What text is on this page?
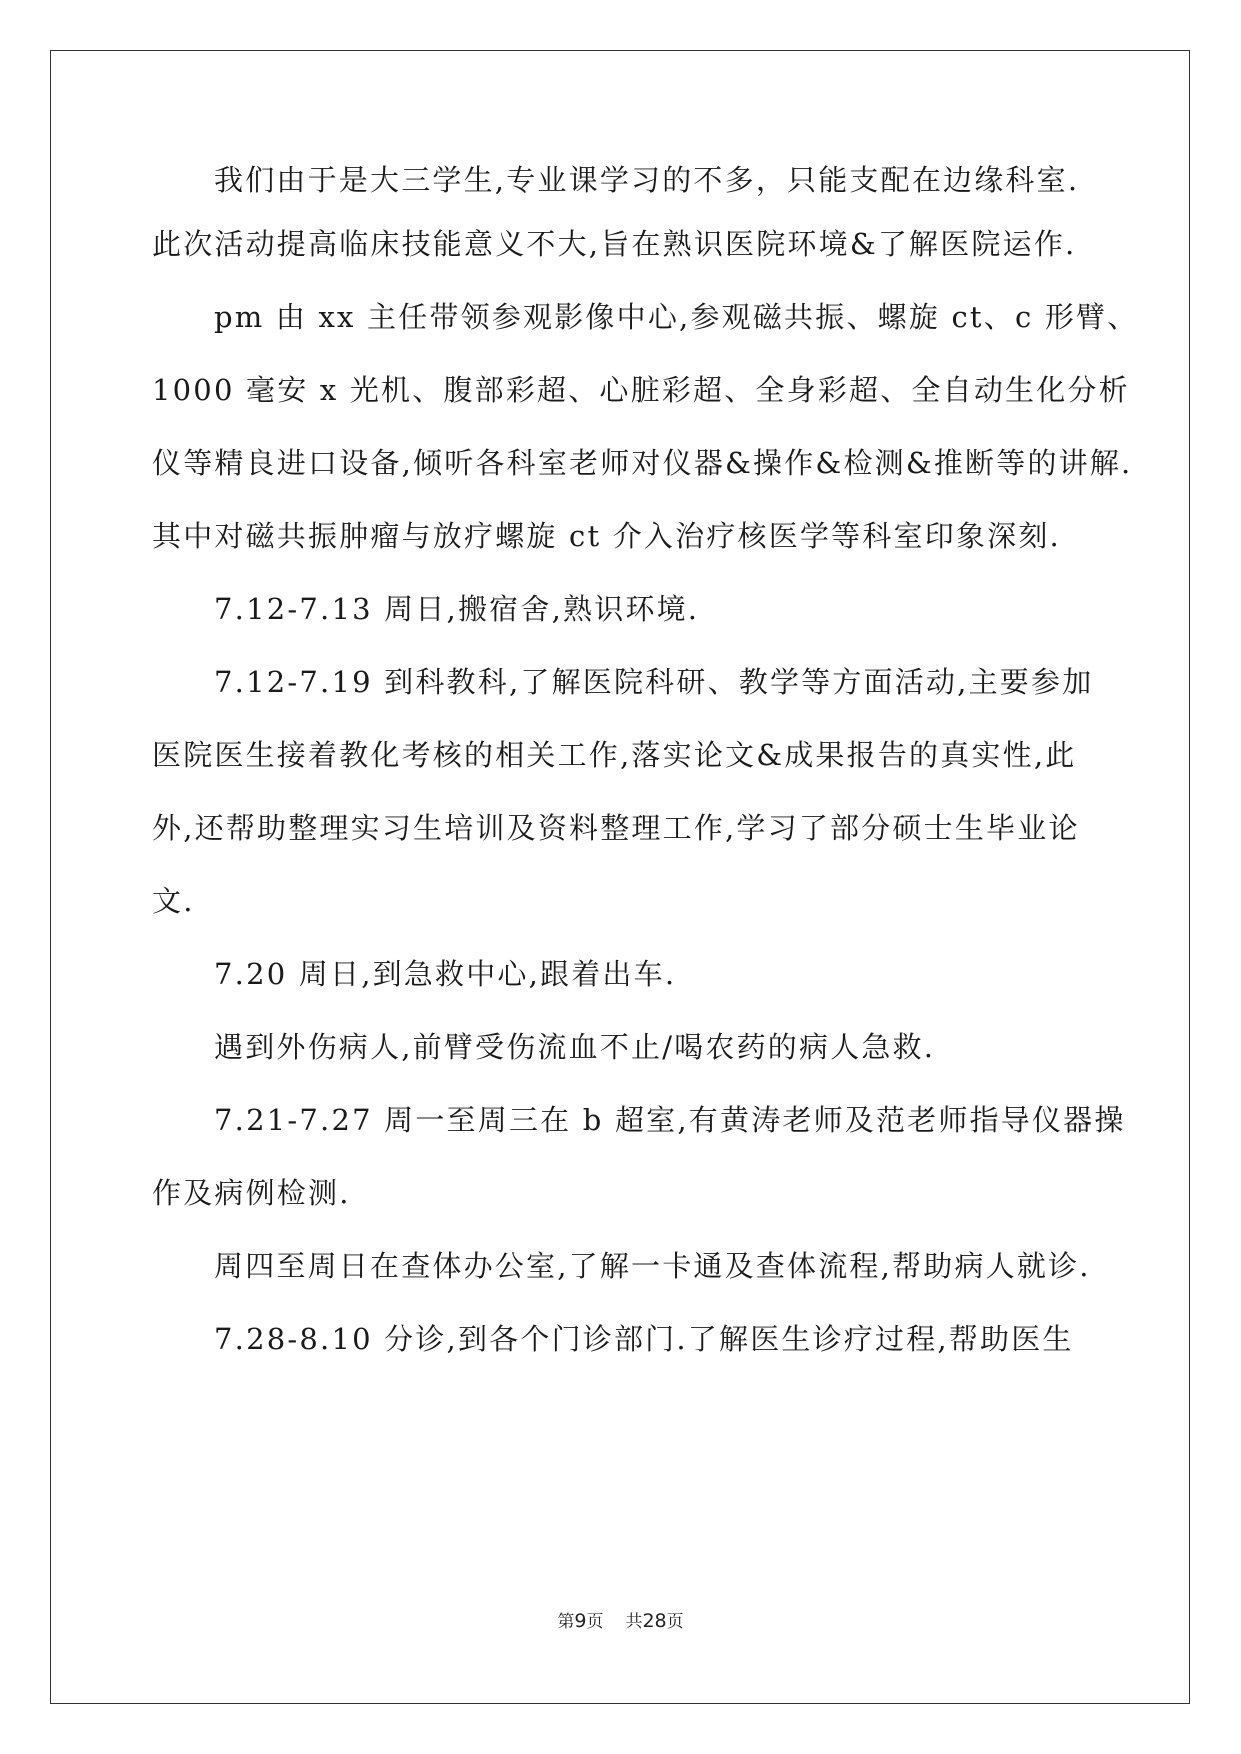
我们由于是大三学生,专业课学习的不多，只能支配在边缘科室.
此次活动提高临床技能意义不大,旨在熟识医院环境&了解医院运作.
pm 由 xx 主任带领参观影像中心,参观磁共振、螺旋 ct、c 形臂、
1000 毫安 x 光机、腹部彩超、心脏彩超、全身彩超、全自动生化分析
仪等精良进口设备,倾听各科室老师对仪器&操作&检测&推断等的讲解.
其中对磁共振肿瘤与放疗螺旋 ct 介入治疗核医学等科室印象深刻.
7.12-7.13 周日,搬宿舍,熟识环境.
7.12-7.19 到科教科,了解医院科研、教学等方面活动,主要参加
医院医生接着教化考核的相关工作,落实论文&成果报告的真实性,此
外,还帮助整理实习生培训及资料整理工作,学习了部分硕士生毕业论
文.
7.20 周日,到急救中心,跟着出车.
遇到外伤病人,前臂受伤流血不止/喝农药的病人急救.
7.21-7.27 周一至周三在 b 超室,有黄涛老师及范老师指导仪器操
作及病例检测.
周四至周日在查体办公室,了解一卡通及查体流程,帮助病人就诊.
7.28-8.10 分诊,到各个门诊部门.了解医生诊疗过程,帮助医生
第9页 共28页
